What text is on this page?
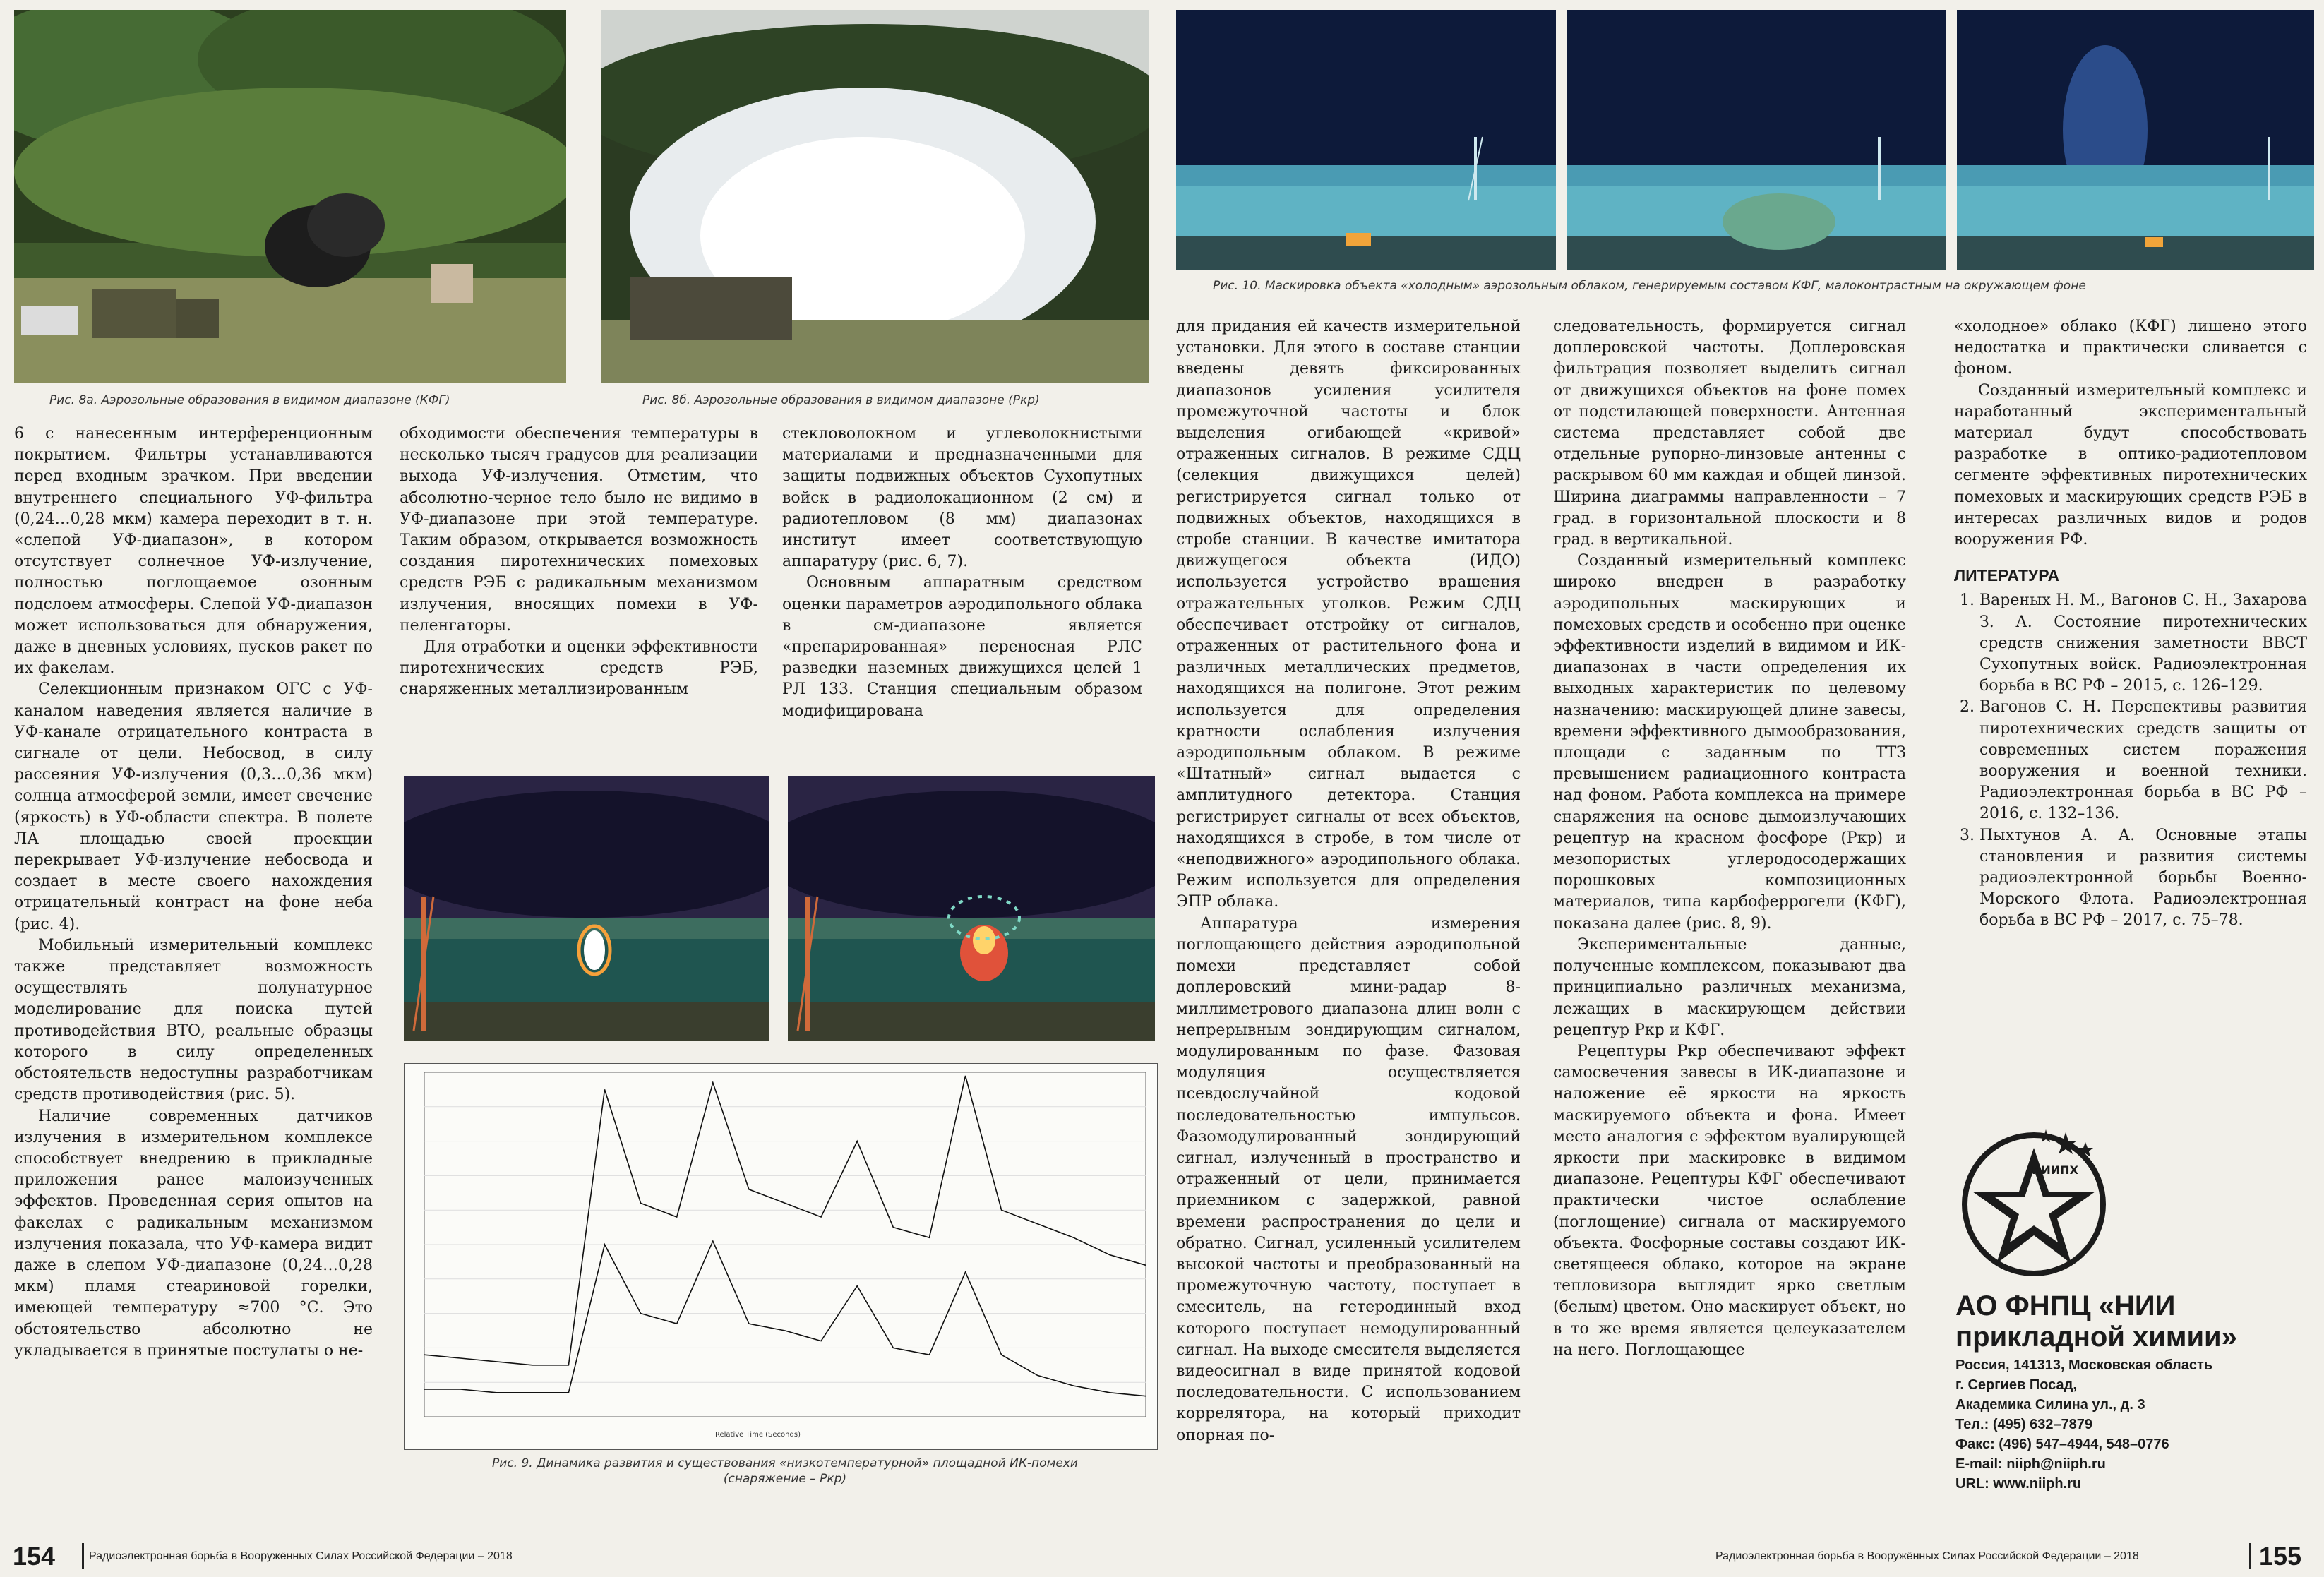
Рис. 8а. Аэрозольные образования в видимом диапазоне (КФГ)	Рис. 8б. Аэрозольные образования в видимом диапазоне (Ркр)

6 с нанесенным интерференционным покрытием. Фильтры устанавливаются перед входным зрачком. При введении внутреннего специального УФ-фильтра (0,24…0,28 мкм) камера переходит в т. н. «слепой УФ-диапазон», в котором отсутствует солнечное УФ-излучение, полностью поглощаемое озонным подслоем атмосферы. Слепой УФ-диапазон может использоваться для обнаружения, даже в дневных условиях, пусков ракет по их факелам.

Селекционным признаком ОГС с УФ-каналом наведения является наличие в УФ-канале отрицательного контраста в сигнале от цели. Небосвод, в силу рассеяния УФ-излучения (0,3…0,36 мкм) солнца атмосферой земли, имеет свечение (яркость) в УФ-области спектра. В полете ЛА площадью своей проекции перекрывает УФ-излучение небосвода и создает в месте своего нахождения отрицательный контраст на фоне неба (рис. 4).

Мобильный измерительный комплекс также представляет возможность осуществлять полунатурное моделирование для поиска путей противодействия ВТО, реальные образцы которого в силу определенных обстоятельств недоступны разработчикам средств противодействия (рис. 5).

Наличие современных датчиков излучения в измерительном комплексе способствует внедрению в прикладные приложения ранее малоизученных эффектов. Проведенная серия опытов на факелах с радикальным механизмом излучения показала, что УФ-камера видит даже в слепом УФ-диапазоне (0,24…0,28 мкм) пламя стеариновой горелки, имеющей температуру ≈700 °С. Это обстоятельство абсолютно не укладывается в принятые постулаты о не-

обходимости обеспечения температуры в несколько тысяч градусов для реализации выхода УФ-излучения. Отметим, что абсолютно-черное тело было не видимо в УФ-диапазоне при этой температуре. Таким образом, открывается возможность создания пиротехнических помеховых средств РЭБ с радикальным механизмом излучения, вносящих помехи в УФ-пеленгаторы.

Для отработки и оценки эффективности пиротехнических средств РЭБ, снаряженных металлизированным

стекловолокном и углеволокнистыми материалами и предназначенными для защиты подвижных объектов Сухопутных войск в радиолокационном (2 см) и радиотепловом (8 мм) диапазонах институт имеет соответствующую аппаратуру (рис. 6, 7).

Основным аппаратным средством оценки параметров аэродипольного облака в см-диапазоне является «препарированная» переносная РЛС разведки наземных движущихся целей 1 РЛ 133. Станция специальным образом модифицирована

Relative Time (Seconds)
Рис. 9. Динамика развития и существования «низкотемпературной» площадной ИК-помехи
(снаряжение – Ркр)
154	Радиоэлектронная борьба в Вооружённых Силах Российской Федерации – 2018

для придания ей качеств измерительной установки. Для этого в составе станции введены девять фиксированных диапазонов усиления усилителя промежуточной частоты и блок выделения огибающей «кривой» отраженных сигналов. В режиме СДЦ (селекция движущихся целей) регистрируется сигнал только от подвижных объектов, находящихся в стробе станции. В качестве имитатора движущегося объекта (ИДО) используется устройство вращения отражательных уголков. Режим СДЦ обеспечивает отстройку от сигналов, отраженных от растительного фона и различных металлических предметов, находящихся на полигоне. Этот режим используется для определения кратности ослабления излучения аэродипольным облаком. В режиме «Штатный» сигнал выдается с амплитудного детектора. Станция регистрирует сигналы от всех объектов, находящихся в стробе, в том числе от «неподвижного» аэродипольного облака. Режим используется для определения ЭПР облака.

Аппаратура измерения поглощающего действия аэродипольной помехи представляет собой доплеровский мини-радар 8-миллиметрового диапазона длин волн с непрерывным зондирующим сигналом, модулированным по фазе. Фазовая модуляция осуществляется псевдослучайной кодовой последовательностью импульсов. Фазомодулированный зондирующий сигнал, излученный в пространство и отраженный от цели, принимается приемником с задержкой, равной времени распространения до цели и обратно. Сигнал, усиленный усилителем высокой частоты и преобразованный на промежуточную частоту, поступает в смеситель, на гетеродинный вход которого поступает немодулированный сигнал. На выходе смесителя выделяется видеосигнал в виде принятой кодовой последовательности. С использованием коррелятора, на который приходит опорная по-

Рис. 10. Маскировка объекта «холодным» аэрозольным облаком, генерируемым составом КФГ, малоконтрастным на окружающем фоне

следовательность, формируется сигнал доплеровской частоты. Доплеровская фильтрация позволяет выделить сигнал от движущихся объектов на фоне помех от подстилающей поверхности. Антенная система представляет собой две отдельные рупорно-линзовые антенны с раскрывом 60 мм каждая и общей линзой. Ширина диаграммы направленности – 7 град. в горизонтальной плоскости и 8 град. в вертикальной.

Созданный измерительный комплекс широко внедрен в разработку аэродипольных маскирующих и помеховых средств и особенно при оценке эффективности изделий в видимом и ИК-диапазонах в части определения их выходных характеристик по целевому назначению: маскирующей длине завесы, времени эффективного дымообразования, площади с заданным по ТТЗ превышением радиационного контраста над фоном. Работа комплекса на примере снаряжения на основе дымоизлучающих рецептур на красном фосфоре (Ркр) и мезопористых углеродосодержащих порошковых композиционных материалов, типа карбоферрогели (КФГ), показана далее (рис. 8, 9).

Экспериментальные данные, полученные комплексом, показывают два принципиально различных механизма, лежащих в маскирующем действии рецептур Ркр и КФГ.

Рецептуры Ркр обеспечивают эффект самосвечения завесы в ИК-диапазоне и наложение её яркости на яркость маскируемого объекта и фона. Имеет место аналогия с эффектом вуалирующей яркости при маскировке в видимом диапазоне. Рецептуры КФГ обеспечивают практически чистое ослабление (поглощение) сигнала от маскируемого объекта. Фосфорные составы создают ИК-светящееся облако, которое на экране тепловизора выглядит ярко светлым (белым) цветом. Оно маскирует объект, но в то же время является целеуказателем на него. Поглощающее

«холодное» облако (КФГ) лишено этого недостатка и практически сливается с фоном.

Созданный измерительный комплекс и наработанный экспериментальный материал будут способствовать разработке в оптико-радиотепловом сегменте эффективных пиротехнических помеховых и маскирующих средств РЭБ в интересах различных видов и родов вооружения РФ.

ЛИТЕРАТУРА
1. Вареных Н. М., Вагонов С. Н., Захарова З. А. Состояние пиротехнических средств снижения заметности ВВСТ Сухопутных войск. Радиоэлектронная борьба в ВС РФ – 2015, с. 126–129.
2. Вагонов С. Н. Перспективы развития пиротехнических средств защиты от современных систем поражения вооружения и военной техники. Радиоэлектронная борьба в ВС РФ – 2016, с. 132–136.
3. Пыхтунов А. А. Основные этапы становления и развития системы радиоэлектронной борьбы Военно-Морского Флота. Радиоэлектронная борьба в ВС РФ – 2017, с. 75–78.
НИИПХ
АО ФНПЦ «НИИ
прикладной химии»
Россия, 141313, Московская область
г. Сергиев Посад,
Академика Силина ул., д. 3
Тел.: (495) 632–7879
Факс: (496) 547–4944, 548–0776
E-mail: niiph@niiph.ru
URL: www.niiph.ru
Радиоэлектронная борьба в Вооружённых Силах Российской Федерации – 2018	155
